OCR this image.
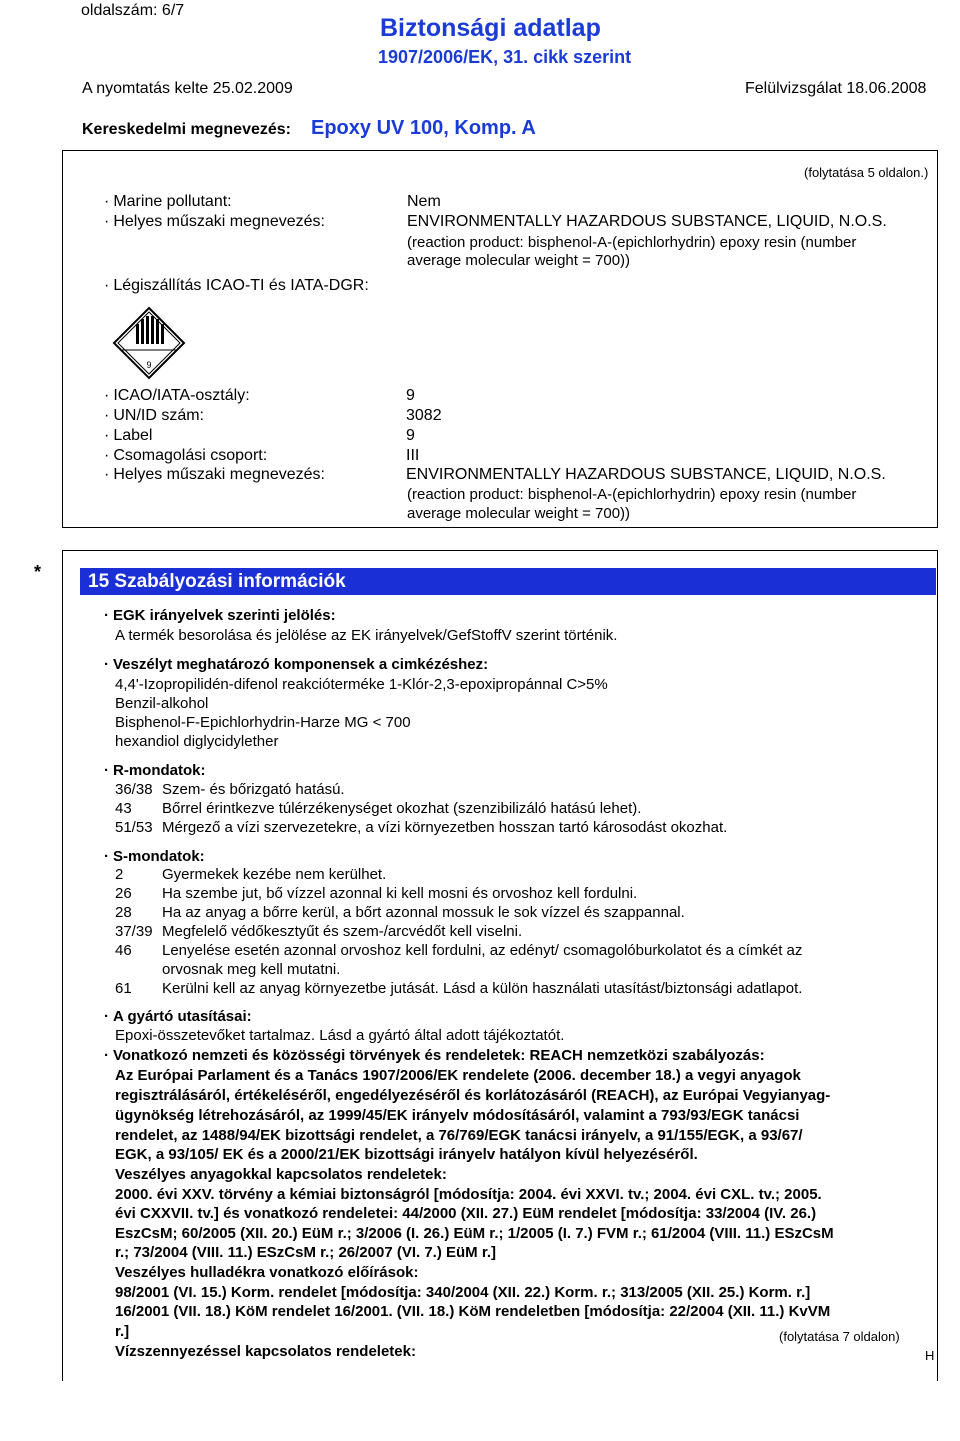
oldalszám: 6/7
Biztonsági adatlap
1907/2006/EK, 31. cikk szerint
A nyomtatás kelte 25.02.2009	Felülvizsgálat 18.06.2008
Kereskedelmi megnevezés: Epoxy UV 100, Komp. A
(folytatása 5 oldalon.)
· Marine pollutant:	Nem
· Helyes műszaki megnevezés:	ENVIRONMENTALLY HAZARDOUS SUBSTANCE, LIQUID, N.O.S.
(reaction product: bisphenol-A-(epichlorhydrin) epoxy resin (number
average molecular weight = 700))
· Légiszállítás ICAO-TI és IATA-DGR:
9
· ICAO/IATA-osztály:	9
· UN/ID szám:	3082
· Label	9
· Csomagolási csoport:	III
· Helyes műszaki megnevezés:	ENVIRONMENTALLY HAZARDOUS SUBSTANCE, LIQUID, N.O.S.
(reaction product: bisphenol-A-(epichlorhydrin) epoxy resin (number
average molecular weight = 700))
*	15 Szabályozási információk
· EGK irányelvek szerinti jelölés:
A termék besorolása és jelölése az EK irányelvek/GefStoffV szerint történik.
· Veszélyt meghatározó komponensek a cimkézéshez:
4,4'-Izopropilidén-difenol reakcióterméke 1-Klór-2,3-epoxipropánnal C>5%
Benzil-alkohol
Bisphenol-F-Epichlorhydrin-Harze MG < 700
hexandiol diglycidylether
· R-mondatok:
36/38 Szem- és bőrizgató hatású.
43 Bőrrel érintkezve túlérzékenységet okozhat (szenzibilizáló hatású lehet).
51/53 Mérgező a vízi szervezetekre, a vízi környezetben hosszan tartó károsodást okozhat.
· S-mondatok:
2	Gyermekek kezébe nem kerülhet.
26 Ha szembe jut, bő vízzel azonnal ki kell mosni és orvoshoz kell fordulni.
28 Ha az anyag a bőrre kerül, a bőrt azonnal mossuk le sok vízzel és szappannal.
37/39 Megfelelő védőkesztyűt és szem-/arcvédőt kell viselni.
46 Lenyelése esetén azonnal orvoshoz kell fordulni, az edényt/ csomagolóburkolatot és a címkét az
orvosnak meg kell mutatni.
61 Kerülni kell az anyag környezetbe jutását. Lásd a külön használati utasítást/biztonsági adatlapot.
· A gyártó utasításai:
Epoxi-összetevőket tartalmaz. Lásd a gyártó által adott tájékoztatót.
· Vonatkozó nemzeti és közösségi törvények és rendeletek: REACH nemzetközi szabályozás:
Az Európai Parlament és a Tanács 1907/2006/EK rendelete (2006. december 18.) a vegyi anyagok
regisztrálásáról, értékeléséről, engedélyezéséről és korlátozásáról (REACH), az Európai Vegyianyag-
ügynökség létrehozásáról, az 1999/45/EK irányelv módosításáról, valamint a 793/93/EGK tanácsi
rendelet, az 1488/94/EK bizottsági rendelet, a 76/769/EGK tanácsi irányelv, a 91/155/EGK, a 93/67/
EGK, a 93/105/ EK és a 2000/21/EK bizottsági irányelv hatályon kívül helyezéséről.
Veszélyes anyagokkal kapcsolatos rendeletek:
2000. évi XXV. törvény a kémiai biztonságról [módosítja: 2004. évi XXVI. tv.; 2004. évi CXL. tv.; 2005.
évi CXXVII. tv.] és vonatkozó rendeletei: 44/2000 (XII. 27.) EüM rendelet [módosítja: 33/2004 (IV. 26.)
EszCsM; 60/2005 (XII. 20.) EüM r.; 3/2006 (I. 26.) EüM r.; 1/2005 (I. 7.) FVM r.; 61/2004 (VIII. 11.) ESzCsM
r.; 73/2004 (VIII. 11.) ESzCsM r.; 26/2007 (VI. 7.) EüM r.]
Veszélyes hulladékra vonatkozó előírások:
98/2001 (VI. 15.) Korm. rendelet [módosítja: 340/2004 (XII. 22.) Korm. r.; 313/2005 (XII. 25.) Korm. r.]
16/2001 (VII. 18.) KöM rendelet 16/2001. (VII. 18.) KöM rendeletben [módosítja: 22/2004 (XII. 11.) KvVM
r.]
Vízszennyezéssel kapcsolatos rendeletek:
(folytatása 7 oldalon)
H
